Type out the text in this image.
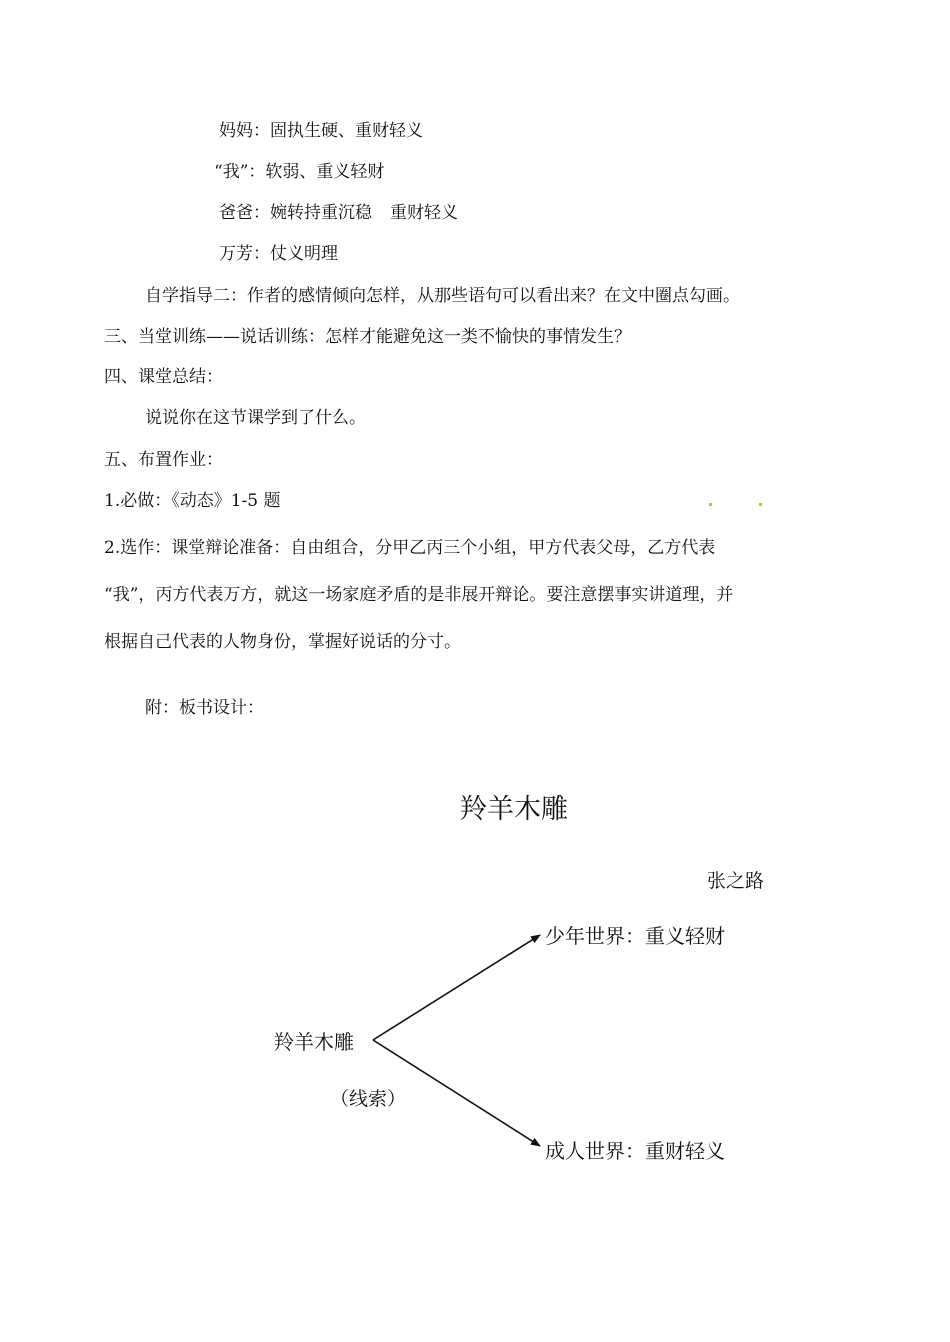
妈妈：固执生硬、重财轻义
“我”：软弱、重义轻财
爸爸：婉转持重沉稳 重财轻义
万芳：仗义明理
自学指导二：作者的感情倾向怎样，从那些语句可以看出来？在文中圈点勾画。
三、当堂训练——说话训练：怎样才能避免这一类不愉快的事情发生？
四、课堂总结：
说说你在这节课学到了什么。
五、布置作业：
1.必做：《动态》1-5 题
2.选作：课堂辩论准备：自由组合，分甲乙丙三个小组，甲方代表父母，乙方代表
“我”，丙方代表万方，就这一场家庭矛盾的是非展开辩论。要注意摆事实讲道理，并
根据自己代表的人物身份，掌握好说话的分寸。
附：板书设计：
羚羊木雕
张之路
少年世界：重义轻财
羚羊木雕
（线索）
成人世界：重财轻义
